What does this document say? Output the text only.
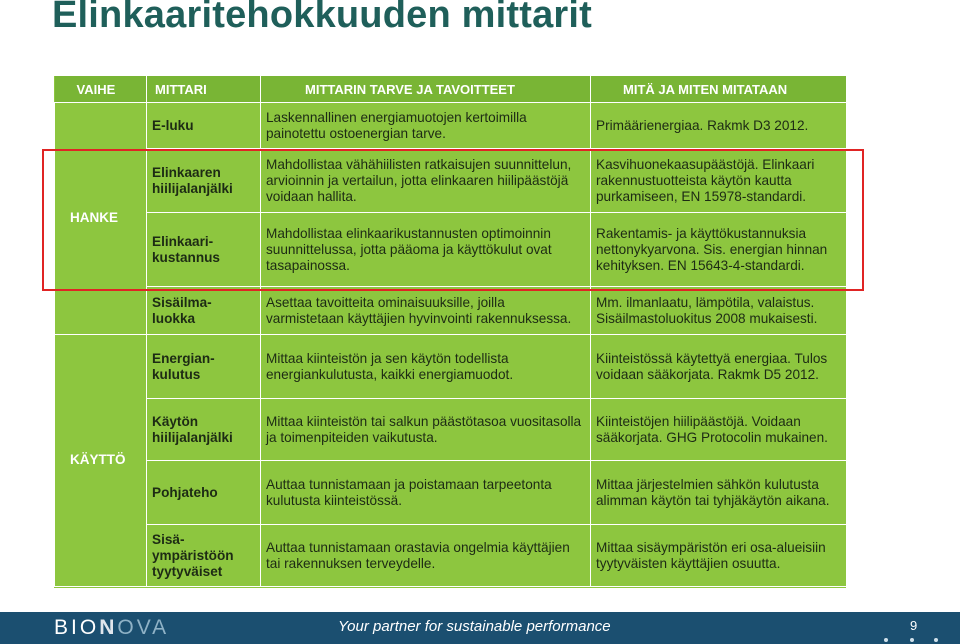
Elinkaaritehokkuuden mittarit
VAIHE	MITTARI	MITTARIN TARVE JA TAVOITTEET	MITÄ JA MITEN MITATAAN
HANKE	E-luku	Laskennallinen energiamuotojen kertoimilla painotettu ostoenergian tarve.	Primäärienergiaa. Rakmk D3 2012.
	Elinkaaren hiilijalanjälki	Mahdollistaa vähähiilisten ratkaisujen suunnittelun, arvioinnin ja vertailun, jotta elinkaaren hiilipäästöjä voidaan hallita.	Kasvihuonekaasupäästöjä. Elinkaari rakennustuotteista käytön kautta purkamiseen, EN 15978-standardi.
	Elinkaari-kustannus	Mahdollistaa elinkaarikustannusten optimoinnin suunnittelussa, jotta pääoma ja käyttökulut ovat tasapainossa.	Rakentamis- ja käyttökustannuksia nettonykyarvona. Sis. energian hinnan kehityksen. EN 15643-4-standardi.
	Sisäilma-luokka	Asettaa tavoitteita ominaisuuksille, joilla varmistetaan käyttäjien hyvinvointi rakennuksessa.	Mm. ilmanlaatu, lämpötila, valaistus. Sisäilmastoluokitus 2008 mukaisesti.
KÄYTTÖ	Energian-kulutus	Mittaa kiinteistön ja sen käytön todellista energiankulutusta, kaikki energiamuodot.	Kiinteistössä käytettyä energiaa. Tulos voidaan sääkorjata. Rakmk D5 2012.
	Käytön hiilijalanjälki	Mittaa kiinteistön tai salkun päästötasoa vuositasolla ja toimenpiteiden vaikutusta.	Kiinteistöjen hiilipäästöjä. Voidaan sääkorjata. GHG Protocolin mukainen.
	Pohjateho	Auttaa tunnistamaan ja poistamaan tarpeetonta kulutusta kiinteistössä.	Mittaa järjestelmien sähkön kulutusta alimman käytön tai tyhjäkäytön aikana.
	Sisä-ympäristöön tyytyväiset	Auttaa tunnistamaan orastavia ongelmia käyttäjien tai rakennuksen terveydelle.	Mittaa sisäympäristön eri osa-alueisiin tyytyväisten käyttäjien osuutta.
BIONOVA	Your partner for sustainable performance	9
